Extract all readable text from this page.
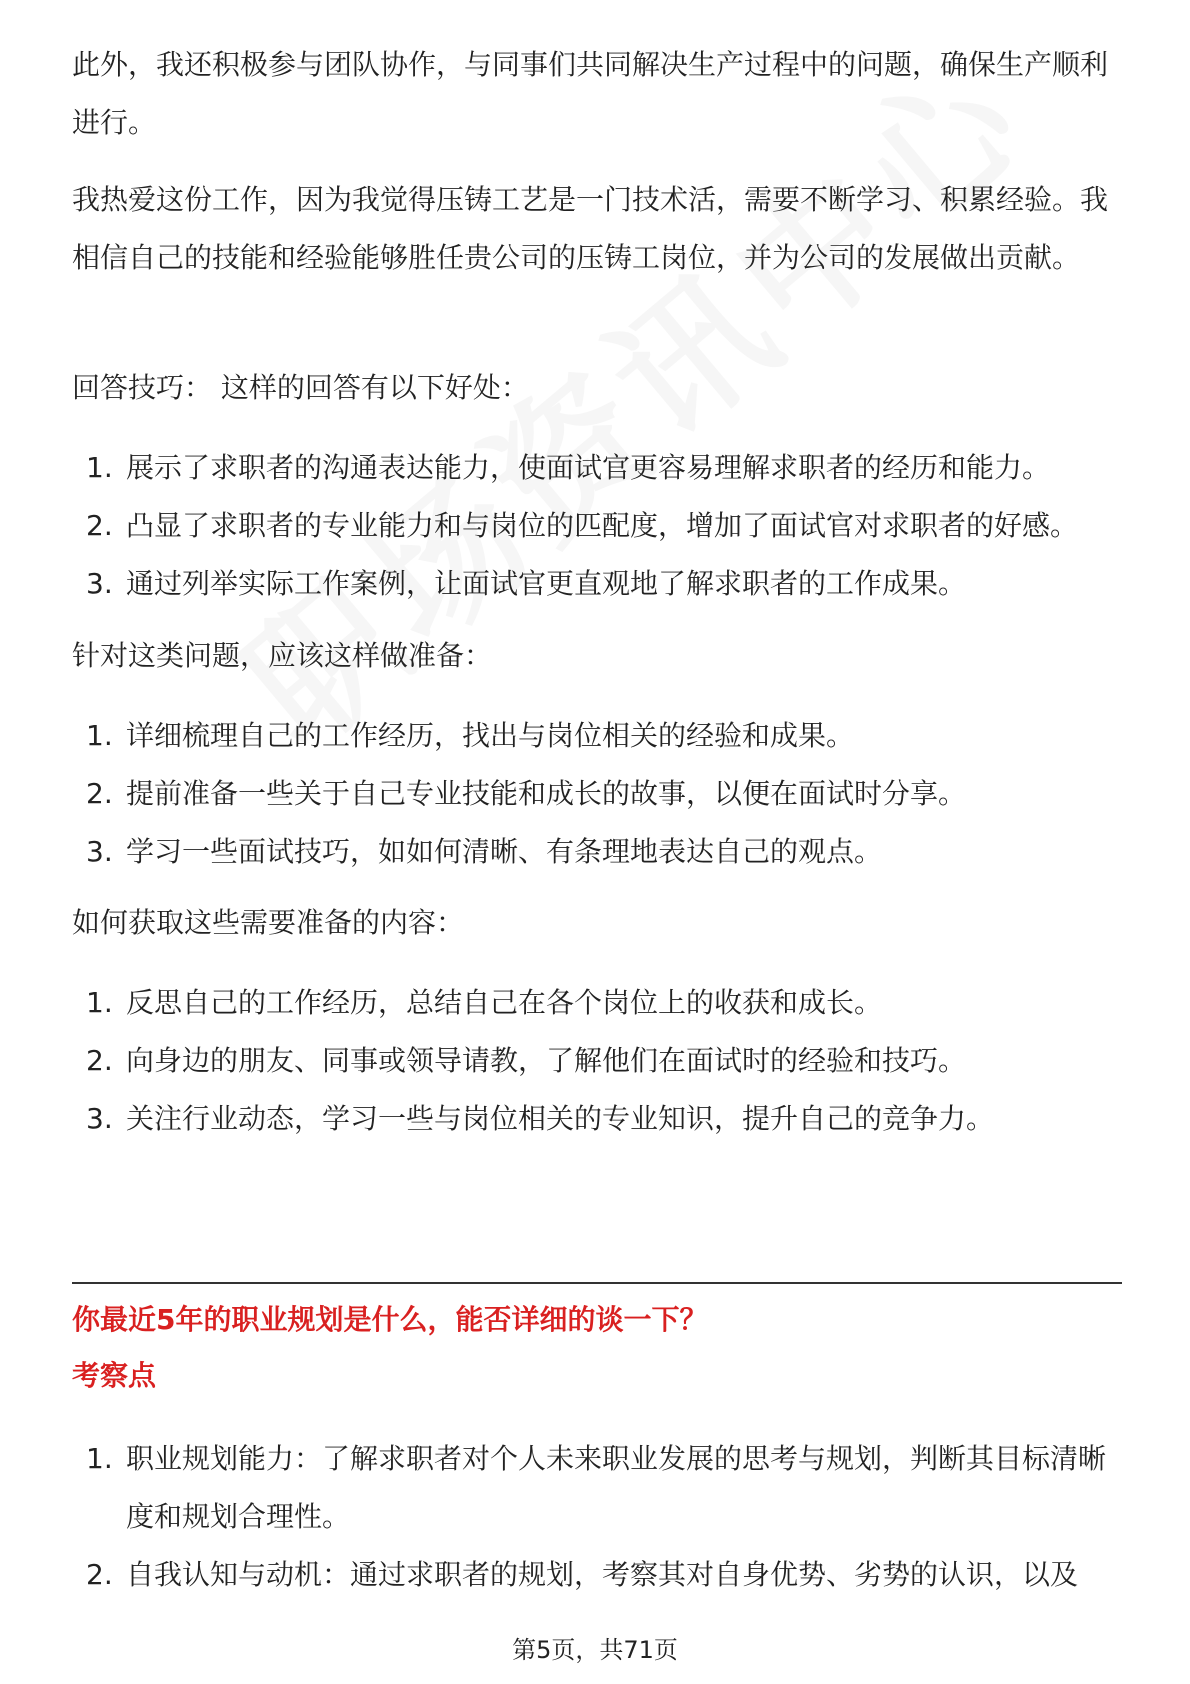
此外，我还积极参与团队协作，与同事们共同解决生产过程中的问题，确保生产顺利进行。

我热爱这份工作，因为我觉得压铸工艺是一门技术活，需要不断学习、积累经验。我相信自己的技能和经验能够胜任贵公司的压铸工岗位，并为公司的发展做出贡献。

回答技巧： 这样的回答有以下好处：

1. 展示了求职者的沟通表达能力，使面试官更容易理解求职者的经历和能力。
2. 凸显了求职者的专业能力和与岗位的匹配度，增加了面试官对求职者的好感。
3. 通过列举实际工作案例，让面试官更直观地了解求职者的工作成果。

针对这类问题，应该这样做准备：

1. 详细梳理自己的工作经历，找出与岗位相关的经验和成果。
2. 提前准备一些关于自己专业技能和成长的故事，以便在面试时分享。
3. 学习一些面试技巧，如如何清晰、有条理地表达自己的观点。

如何获取这些需要准备的内容：

1. 反思自己的工作经历，总结自己在各个岗位上的收获和成长。
2. 向身边的朋友、同事或领导请教，了解他们在面试时的经验和技巧。
3. 关注行业动态，学习一些与岗位相关的专业知识，提升自己的竞争力。

你最近5年的职业规划是什么，能否详细的谈一下？

考察点

1. 职业规划能力：了解求职者对个人未来职业发展的思考与规划，判断其目标清晰度和规划合理性。
2. 自我认知与动机：通过求职者的规划，考察其对自身优势、劣势的认识，以及
第5页，共71页
